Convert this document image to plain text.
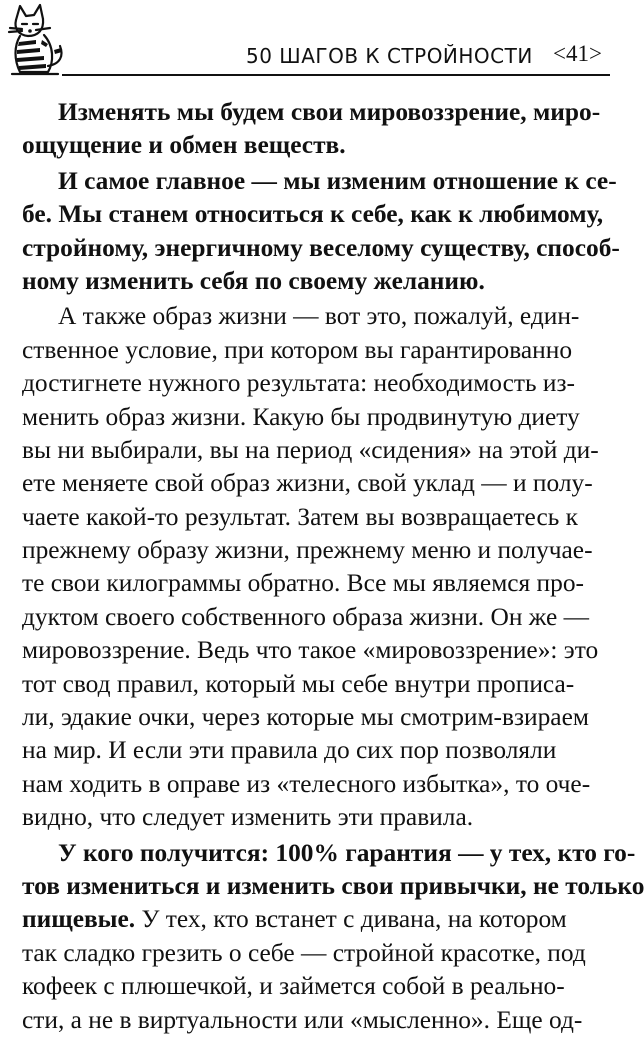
50 ШАГОВ К СТРОЙНОСТИ <41>
Изменять мы будем свои мировоззрение, миро-
ощущение и обмен веществ.
И самое главное — мы изменим отношение к се-
бе. Мы станем относиться к себе, как к любимому,
стройному, энергичному веселому существу, способ-
ному изменить себя по своему желанию.
А также образ жизни — вот это, пожалуй, един-
ственное условие, при котором вы гарантированно
достигнете нужного результата: необходимость из-
менить образ жизни. Какую бы продвинутую диету
вы ни выбирали, вы на период «сидения» на этой ди-
ете меняете свой образ жизни, свой уклад — и полу-
чаете какой-то результат. Затем вы возвращаетесь к
прежнему образу жизни, прежнему меню и получае-
те свои килограммы обратно. Все мы являемся про-
дуктом своего собственного образа жизни. Он же —
мировоззрение. Ведь что такое «мировоззрение»: это
тот свод правил, который мы себе внутри прописа-
ли, эдакие очки, через которые мы смотрим-взираем
на мир. И если эти правила до сих пор позволяли
нам ходить в оправе из «телесного избытка», то оче-
видно, что следует изменить эти правила.
У кого получится: 100% гарантия — у тех, кто го-
тов измениться и изменить свои привычки, не только
пищевые. У тех, кто встанет с дивана, на котором
так сладко грезить о себе — стройной красотке, под
кофеек с плюшечкой, и займется собой в реально-
сти, а не в виртуальности или «мысленно». Еще од-
